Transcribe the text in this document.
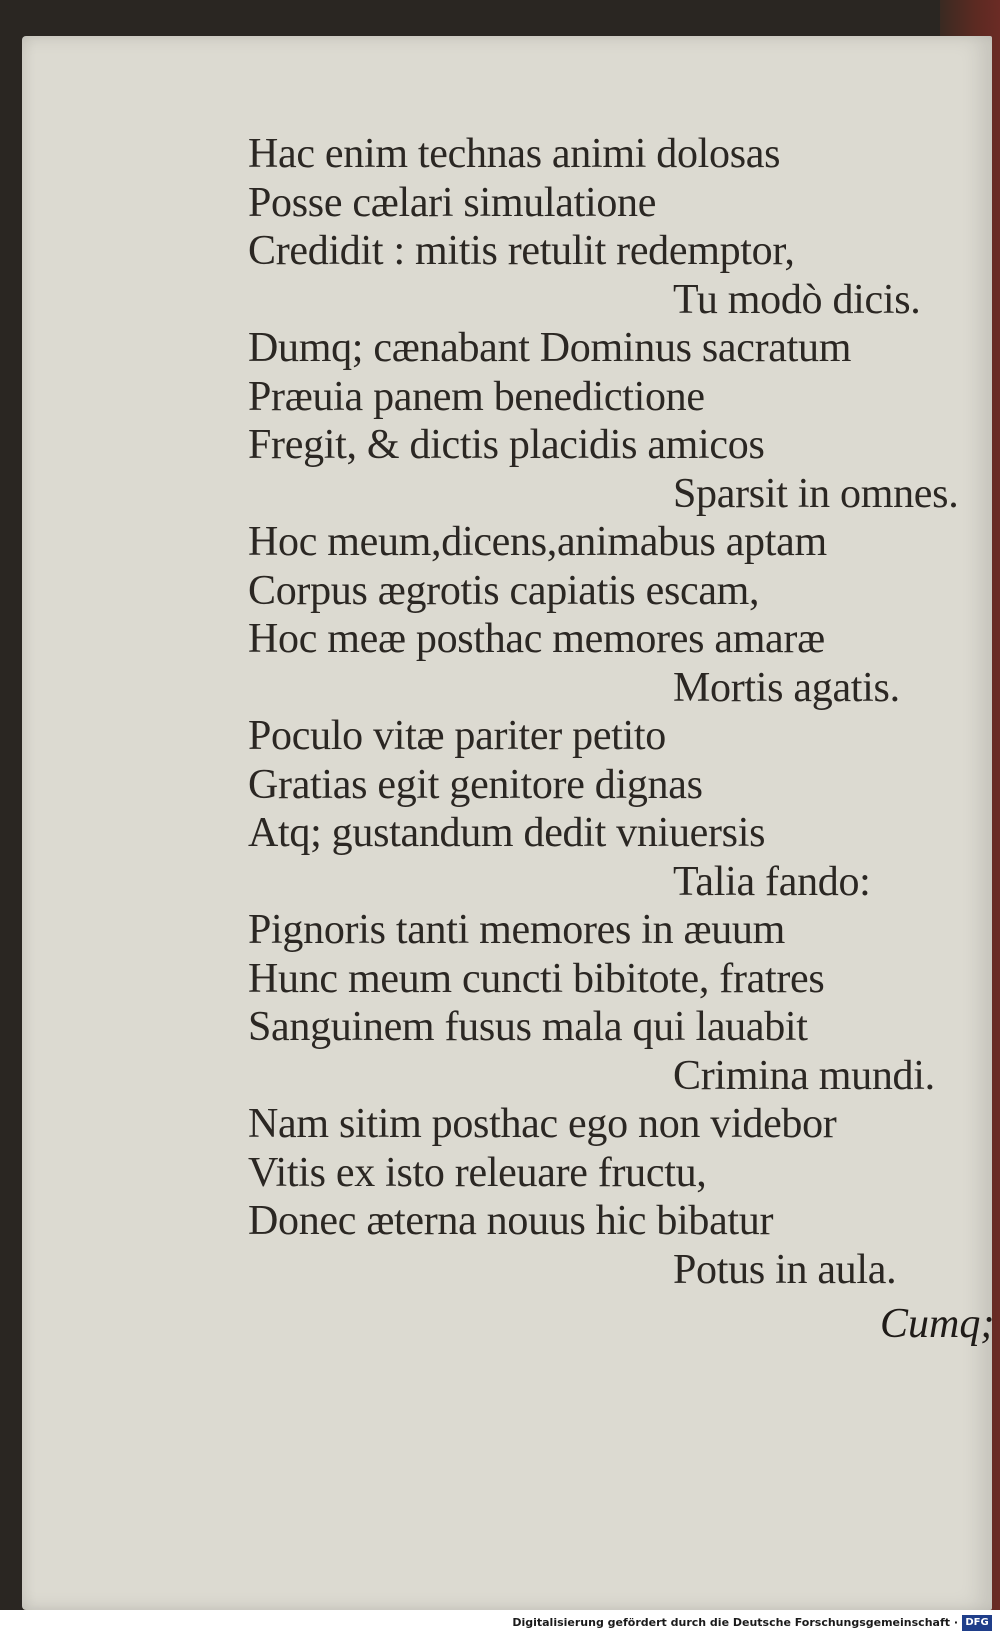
Hac enim technas animi dolosas
Posse cælari simulatione
Credidit : mitis retulit redemptor,
Tu modò dicis.
Dumq; cænabant Dominus sacratum
Præuia panem benedictione
Fregit, & dictis placidis amicos
Sparsit in omnes.
Hoc meum,dicens,animabus aptam
Corpus ægrotis capiatis escam,
Hoc meæ posthac memores amaræ
Mortis agatis.
Poculo vitæ pariter petito
Gratias egit genitore dignas
Atq; gustandum dedit vniuersis
Talia fando:
Pignoris tanti memores in æuum
Hunc meum cuncti bibitote, fratres
Sanguinem fusus mala qui lauabit
Crimina mundi.
Nam sitim posthac ego non videbor
Vitis ex isto releuare fructu,
Donec æterna nouus hic bibatur
Potus in aula.
Cumq;
Digitalisierung gefördert durch die Deutsche Forschungsgemeinschaft · DFG
